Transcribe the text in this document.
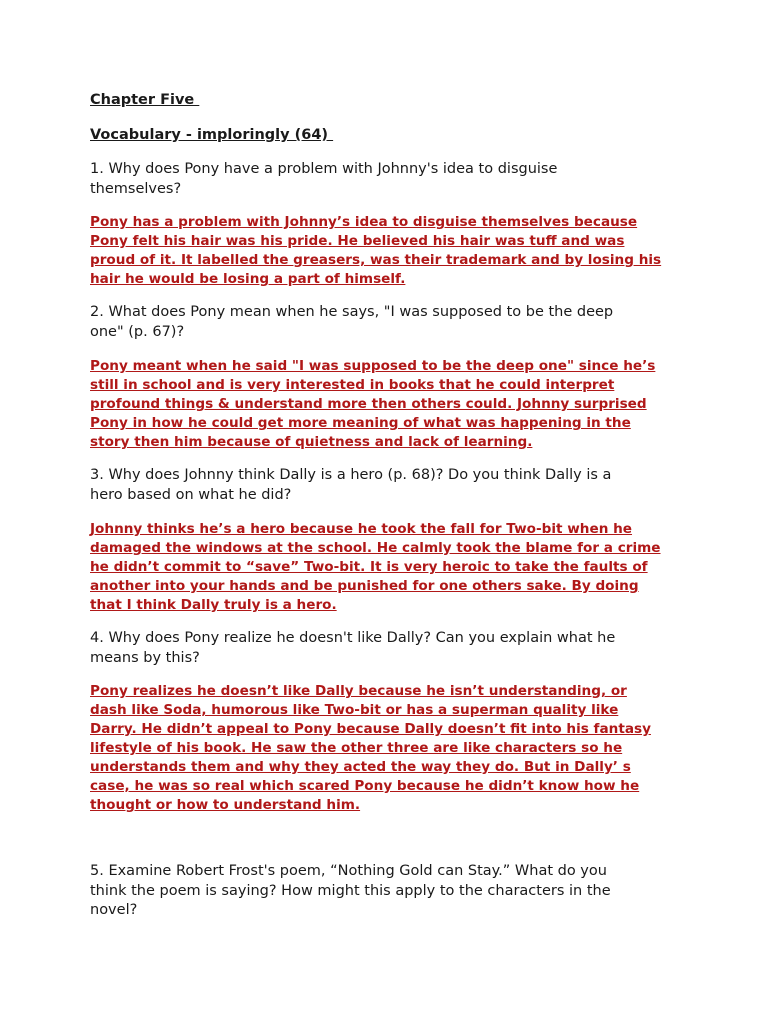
Chapter Five
Vocabulary - imploringly (64)

1. Why does Pony have a problem with Johnny's idea to disguise
themselves?

Pony has a problem with Johnny’s idea to disguise themselves because
Pony felt his hair was his pride. He believed his hair was tuff and was
proud of it. It labelled the greasers, was their trademark and by losing his
hair he would be losing a part of himself.

2. What does Pony mean when he says, "I was supposed to be the deep
one" (p. 67)?

Pony meant when he said "I was supposed to be the deep one" since he’s
still in school and is very interested in books that he could interpret
profound things & understand more then others could. Johnny surprised
Pony in how he could get more meaning of what was happening in the
story then him because of quietness and lack of learning.

3. Why does Johnny think Dally is a hero (p. 68)? Do you think Dally is a
hero based on what he did?

Johnny thinks he’s a hero because he took the fall for Two-bit when he
damaged the windows at the school. He calmly took the blame for a crime
he didn’t commit to “save” Two-bit. It is very heroic to take the faults of
another into your hands and be punished for one others sake. By doing
that I think Dally truly is a hero.

4. Why does Pony realize he doesn't like Dally? Can you explain what he
means by this?

Pony realizes he doesn’t like Dally because he isn’t understanding, or
dash like Soda, humorous like Two-bit or has a superman quality like
Darry. He didn’t appeal to Pony because Dally doesn’t fit into his fantasy
lifestyle of his book. He saw the other three are like characters so he
understands them and why they acted the way they do. But in Dally’ s
case, he was so real which scared Pony because he didn’t know how he
thought or how to understand him.

5. Examine Robert Frost's poem, “Nothing Gold can Stay.” What do you
think the poem is saying? How might this apply to the characters in the
novel?
